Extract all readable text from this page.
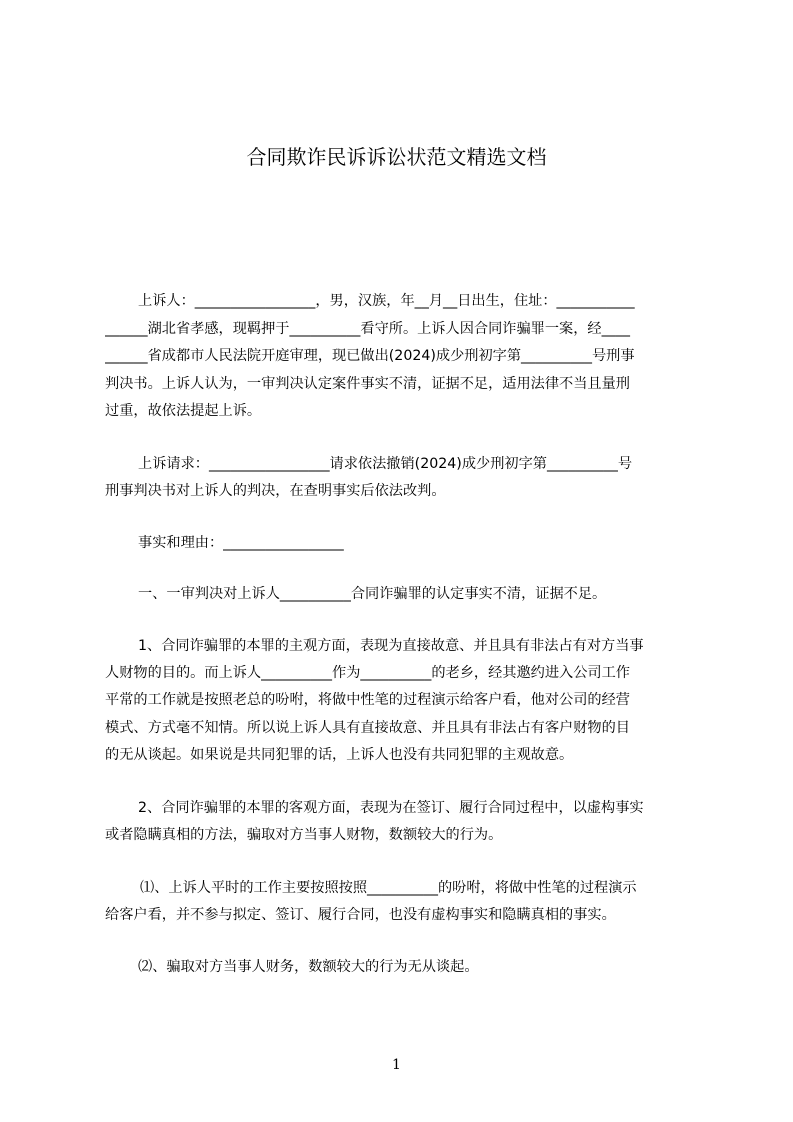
合同欺诈民诉诉讼状范文精选文档
上诉人：_________________，男，汉族，年__月__日出生，住址：___________
______湖北省孝感，现羁押于__________看守所。上诉人因合同诈骗罪一案，经____
______省成都市人民法院开庭审理，现已做出(2024)成少刑初字第__________号刑事
判决书。上诉人认为，一审判决认定案件事实不清，证据不足，适用法律不当且量刑
过重，故依法提起上诉。
上诉请求：_________________请求依法撤销(2024)成少刑初字第__________号
刑事判决书对上诉人的判决，在查明事实后依法改判。
事实和理由：_________________
一、一审判决对上诉人__________合同诈骗罪的认定事实不清，证据不足。
1、合同诈骗罪的本罪的主观方面，表现为直接故意、并且具有非法占有对方当事
人财物的目的。而上诉人__________作为__________的老乡，经其邀约进入公司工作
平常的工作就是按照老总的吩咐，将做中性笔的过程演示给客户看，他对公司的经营
模式、方式毫不知情。所以说上诉人具有直接故意、并且具有非法占有客户财物的目
的无从谈起。如果说是共同犯罪的话，上诉人也没有共同犯罪的主观故意。
2、合同诈骗罪的本罪的客观方面，表现为在签订、履行合同过程中，以虚构事实
或者隐瞒真相的方法，骗取对方当事人财物，数额较大的行为。
⑴、上诉人平时的工作主要按照按照__________的吩咐，将做中性笔的过程演示
给客户看，并不参与拟定、签订、履行合同，也没有虚构事实和隐瞒真相的事实。
⑵、骗取对方当事人财务，数额较大的行为无从谈起。
1
